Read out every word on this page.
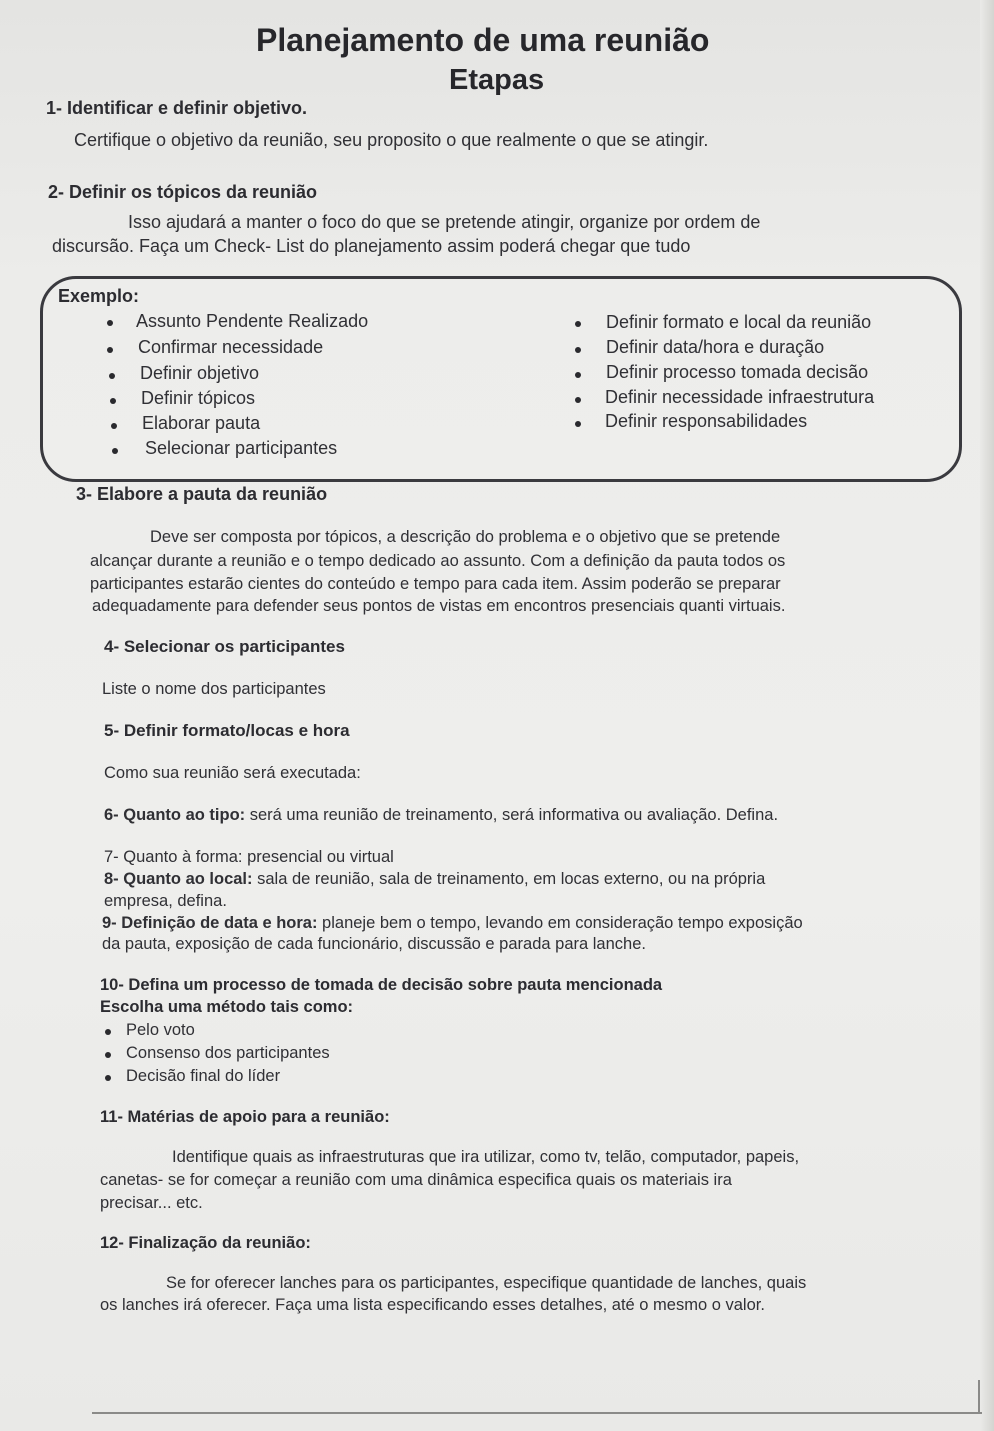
Planejamento de uma reunião
Etapas
1- Identificar e definir objetivo.
Certifique o objetivo da reunião, seu proposito o que realmente o que se atingir.
2- Definir os tópicos da reunião
Isso ajudará a manter o foco do que se pretende atingir, organize por ordem de
discursão. Faça um Check- List do planejamento assim poderá chegar que tudo
Exemplo:
Assunto Pendente Realizado
Confirmar necessidade
Definir objetivo
Definir tópicos
Elaborar pauta
Selecionar participantes
Definir formato e local da reunião
Definir data/hora e duração
Definir processo tomada decisão
Definir necessidade infraestrutura
Definir responsabilidades
3- Elabore a pauta da reunião
Deve ser composta por tópicos, a descrição do problema e o objetivo que se pretende
alcançar durante a reunião e o tempo dedicado ao assunto. Com a definição da pauta todos os
participantes estarão cientes do conteúdo e tempo para cada item. Assim poderão se preparar
adequadamente para defender seus pontos de vistas em encontros presenciais quanti virtuais.
4- Selecionar os participantes
Liste o nome dos participantes
5- Definir formato/locas e hora
Como sua reunião será executada:
6- Quanto ao tipo: será uma reunião de treinamento, será informativa ou avaliação. Defina.
7- Quanto à forma: presencial ou virtual
8- Quanto ao local: sala de reunião, sala de treinamento, em locas externo, ou na própria
empresa, defina.
9- Definição de data e hora: planeje bem o tempo, levando em consideração tempo exposição
da pauta, exposição de cada funcionário, discussão e parada para lanche.
10- Defina um processo de tomada de decisão sobre pauta mencionada
Escolha uma método tais como:
Pelo voto
Consenso dos participantes
Decisão final do líder
11- Matérias de apoio para a reunião:
Identifique quais as infraestruturas que ira utilizar, como tv, telão, computador, papeis,
canetas- se for começar a reunião com uma dinâmica especifica quais os materiais ira
precisar... etc.
12- Finalização da reunião:
Se for oferecer lanches para os participantes, especifique quantidade de lanches, quais
os lanches irá oferecer. Faça uma lista especificando esses detalhes, até o mesmo o valor.
